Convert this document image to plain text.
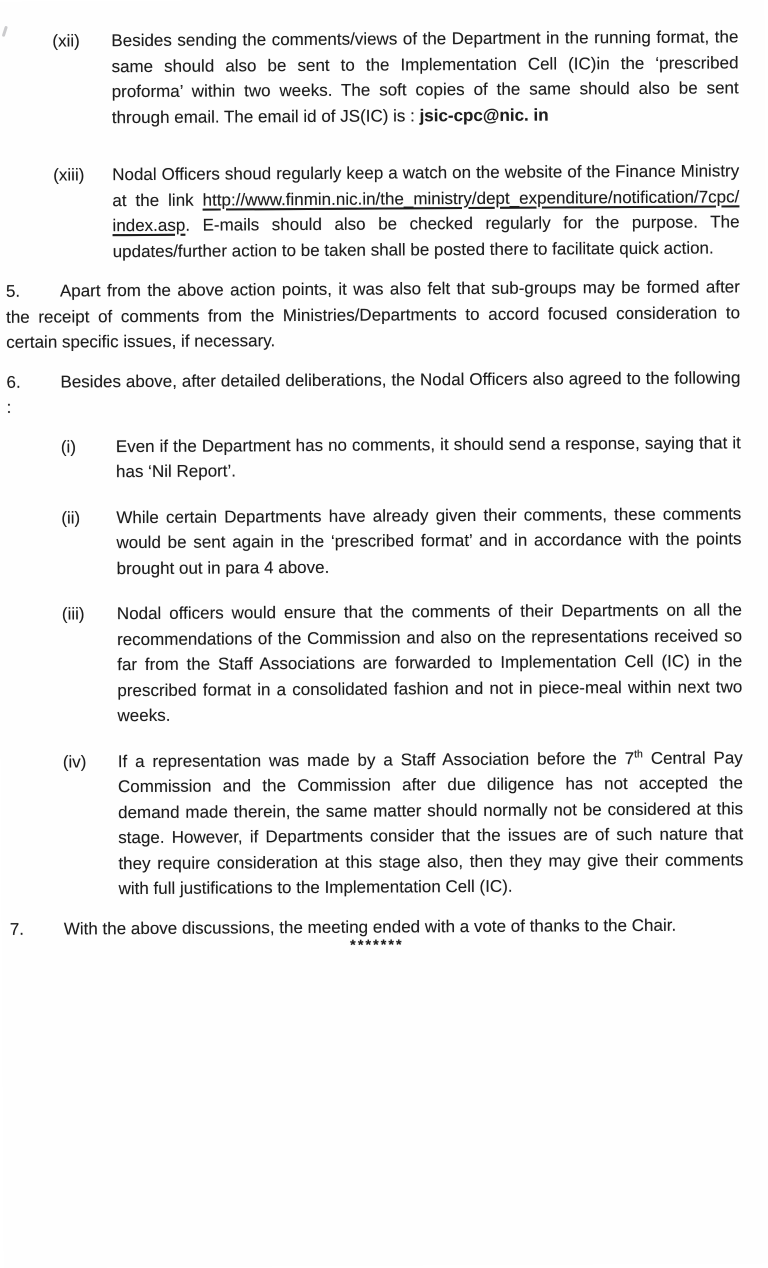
(xii)	Besides sending the comments/views of the Department in the running format, the same should also be sent to the Implementation Cell (IC)in the ‘prescribed proforma’ within two weeks. The soft copies of the same should also be sent through email. The email id of JS(IC) is : jsic-cpc@nic. in
(xiii)	Nodal Officers shoud regularly keep a watch on the website of the Finance Ministry at the link http:/​/​www.finmin.nic.in/​the_ministry/​dept_expenditure/​notification/​7cpc/​index.asp. E-mails should also be checked regularly for the purpose. The updates/further action to be taken shall be posted there to facilitate quick action.
5. Apart from the above action points, it was also felt that sub-groups may be formed after the receipt of comments from the Ministries/Departments to accord focused consideration to certain specific issues, if necessary.
6. Besides above, after detailed deliberations, the Nodal Officers also agreed to the following :
(i)	Even if the Department has no comments, it should send a response, saying that it has ‘Nil Report’.
(ii)	While certain Departments have already given their comments, these comments would be sent again in the ‘prescribed format’ and in accordance with the points brought out in para 4 above.
(iii)	Nodal officers would ensure that the comments of their Departments on all the recommendations of the Commission and also on the representations received so far from the Staff Associations are forwarded to Implementation Cell (IC) in the prescribed format in a consolidated fashion and not in piece-meal within next two weeks.
(iv)	If a representation was made by a Staff Association before the 7th Central Pay Commission and the Commission after due diligence has not accepted the demand made therein, the same matter should normally not be considered at this stage. However, if Departments consider that the issues are of such nature that they require consideration at this stage also, then they may give their comments with full justifications to the Implementation Cell (IC).
7. With the above discussions, the meeting ended with a vote of thanks to the Chair.
*******
